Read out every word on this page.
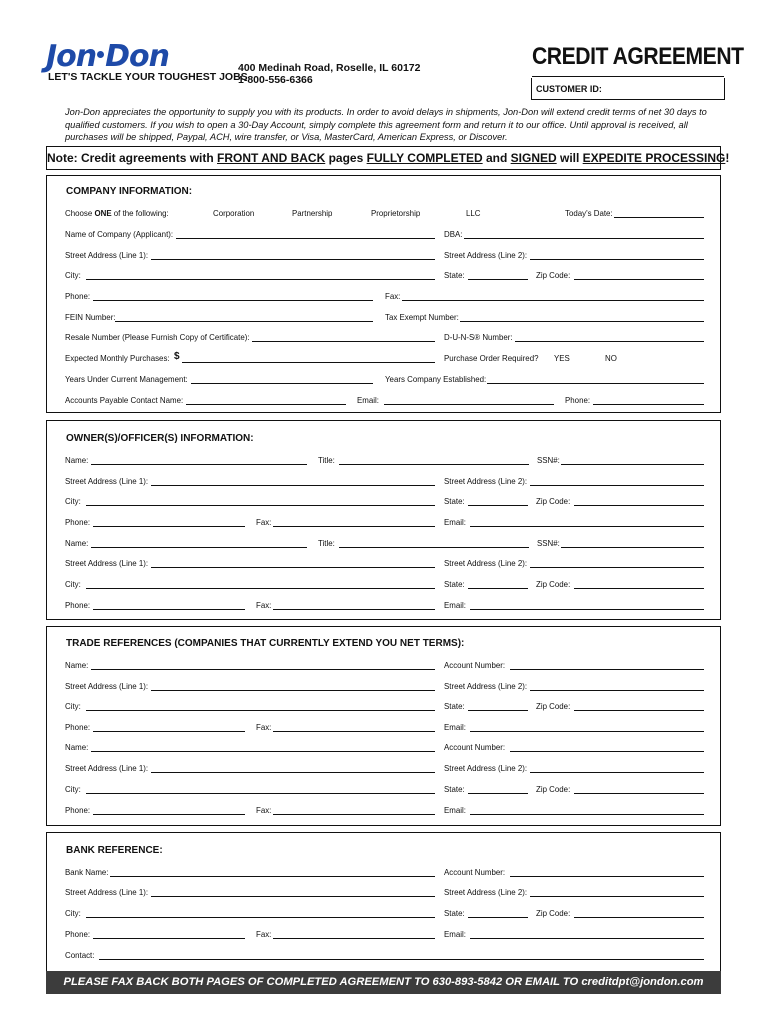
Jon Don
LET'S TACKLE YOUR TOUGHEST JOBS
400 Medinah Road, Roselle, IL 60172
1-800-556-6366
CREDIT AGREEMENT
CUSTOMER ID:
Jon-Don appreciates the opportunity to supply you with its products. In order to avoid delays in shipments, Jon-Don will extend credit terms of net 30 days to qualified customers. If you wish to open a 30-Day Account, simply complete this agreement form and return it to our office. Until approval is received, all purchases will be shipped, Paypal, ACH, wire transfer, or Visa, MasterCard, American Express, or Discover.
Note: Credit agreements with FRONT AND BACK pages FULLY COMPLETED and SIGNED will EXPEDITE PROCESSING!
COMPANY INFORMATION:
Choose ONE of the following:	Corporation	Partnership	Proprietorship	LLC	Today's Date:
Name of Company (Applicant):	DBA:
Street Address (Line 1):	Street Address (Line 2):
City:	State:	Zip Code:
Phone:	Fax:
FEIN Number:	Tax Exempt Number:
Resale Number (Please Furnish Copy of Certificate):	D-U-N-S® Number:
Expected Monthly Purchases: $	Purchase Order Required? YES	NO
Years Under Current Management:	Years Company Established:
Accounts Payable Contact Name:	Email:	Phone:
OWNER(S)/OFFICER(S) INFORMATION:
Name:	Title:	SSN#:
Street Address (Line 1):	Street Address (Line 2):
City:	State:	Zip Code:
Phone:	Fax:	Email:
Name:	Title:	SSN#:
Street Address (Line 1):	Street Address (Line 2):
City:	State:	Zip Code:
Phone:	Fax:	Email:
TRADE REFERENCES (COMPANIES THAT CURRENTLY EXTEND YOU NET TERMS):
Name:	Account Number:
Street Address (Line 1):	Street Address (Line 2):
City:	State:	Zip Code:
Phone:	Fax:	Email:
Name:	Account Number:
Street Address (Line 1):	Street Address (Line 2):
City:	State:	Zip Code:
Phone:	Fax:	Email:
BANK REFERENCE:
Bank Name:	Account Number:
Street Address (Line 1):	Street Address (Line 2):
City:	State:	Zip Code:
Phone:	Fax:	Email:
Contact:
PLEASE FAX BACK BOTH PAGES OF COMPLETED AGREEMENT TO 630-893-5842 OR EMAIL TO creditdpt@jondon.com
